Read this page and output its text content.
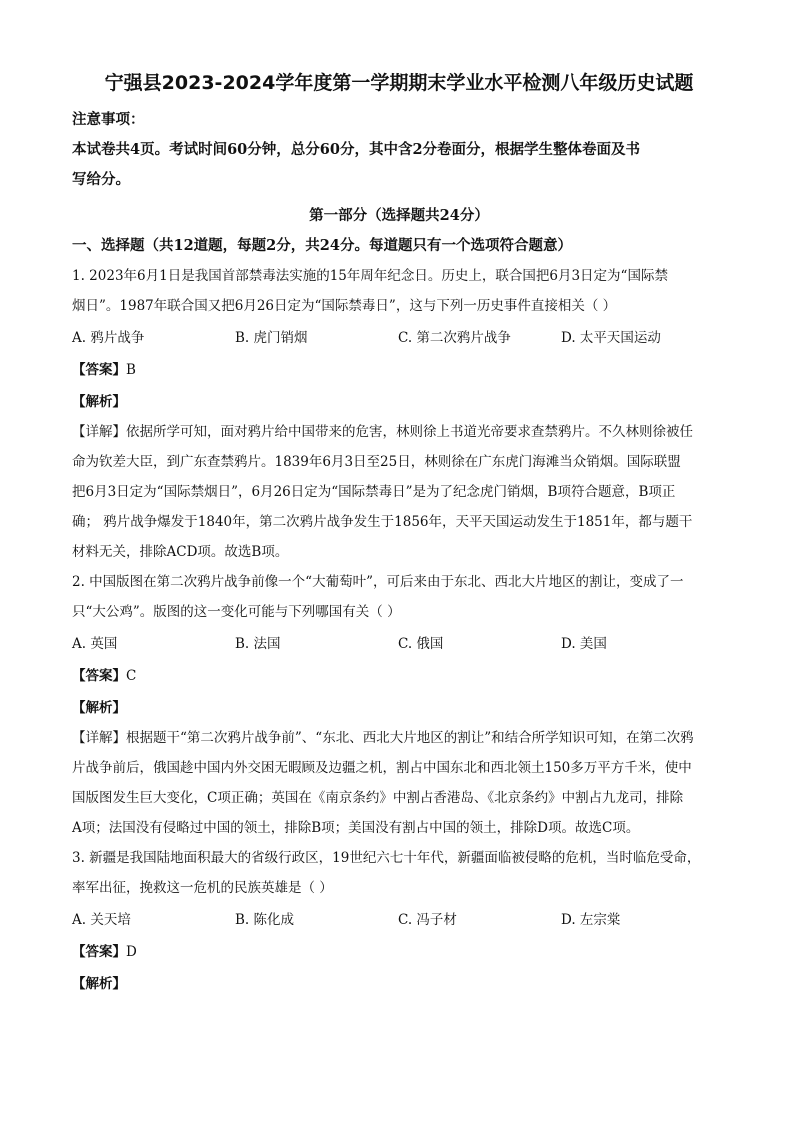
宁强县2023-2024学年度第一学期期末学业水平检测八年级历史试题
注意事项：
本试卷共4页。考试时间60分钟，总分60分，其中含2分卷面分，根据学生整体卷面及书
写给分。
第一部分（选择题共24分）
一、选择题（共12道题，每题2分，共24分。每道题只有一个选项符合题意）
1. 2023年6月1日是我国首部禁毒法实施的15年周年纪念日。历史上，联合国把6月3日定为“国际禁
烟日”。1987年联合国又把6月26日定为“国际禁毒日”，这与下列一历史事件直接相关（ ）
A. 鸦片战争	B. 虎门销烟	C. 第二次鸦片战争	D. 太平天国运动
【答案】B
【解析】
【详解】依据所学可知，面对鸦片给中国带来的危害，林则徐上书道光帝要求查禁鸦片。不久林则徐被任
命为钦差大臣，到广东查禁鸦片。1839年6月3日至25日，林则徐在广东虎门海滩当众销烟。国际联盟
把6月3日定为“国际禁烟日”，6月26日定为“国际禁毒日”是为了纪念虎门销烟，B项符合题意，B项正
确； 鸦片战争爆发于1840年，第二次鸦片战争发生于1856年，天平天国运动发生于1851年，都与题干
材料无关，排除ACD项。故选B项。
2. 中国版图在第二次鸦片战争前像一个“大葡萄叶”，可后来由于东北、西北大片地区的割让，变成了一
只“大公鸡”。版图的这一变化可能与下列哪国有关（ ）
A. 英国	B. 法国	C. 俄国	D. 美国
【答案】C
【解析】
【详解】根据题干“第二次鸦片战争前”、“东北、西北大片地区的割让”和结合所学知识可知，在第二次鸦
片战争前后，俄国趁中国内外交困无暇顾及边疆之机，割占中国东北和西北领土150多万平方千米，使中
国版图发生巨大变化，C项正确；英国在《南京条约》中割占香港岛、《北京条约》中割占九龙司，排除
A项；法国没有侵略过中国的领土，排除B项；美国没有割占中国的领土，排除D项。故选C项。
3. 新疆是我国陆地面积最大的省级行政区，19世纪六七十年代，新疆面临被侵略的危机，当时临危受命，
率军出征，挽救这一危机的民族英雄是（ ）
A. 关天培	B. 陈化成	C. 冯子材	D. 左宗棠
【答案】D
【解析】
